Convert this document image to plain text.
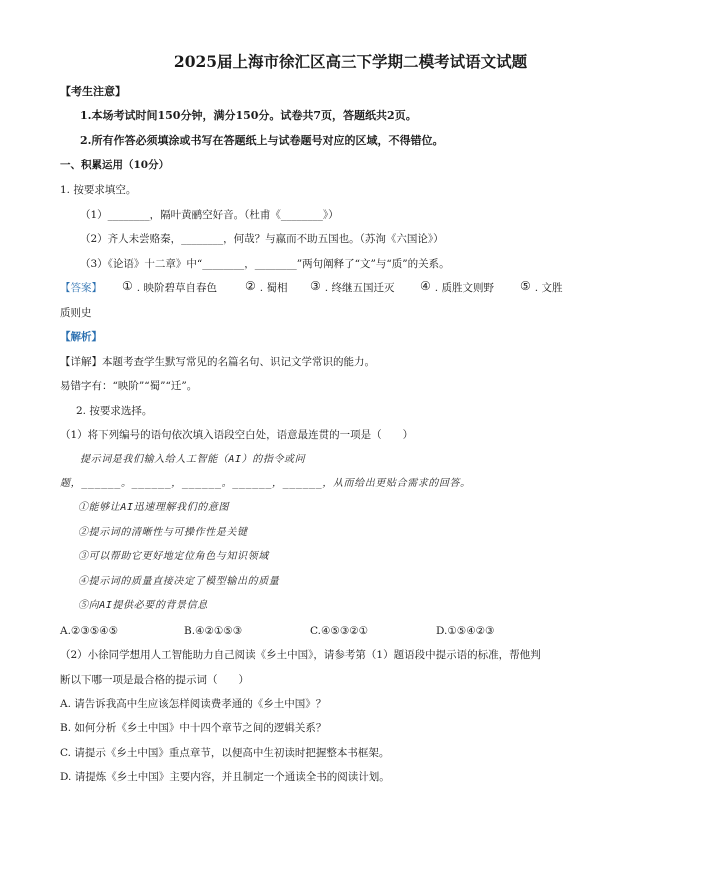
2025届上海市徐汇区高三下学期二模考试语文试题
【考生注意】
1.本场考试时间150分钟，满分150分。试卷共7页，答题纸共2页。
2.所有作答必须填涂或书写在答题纸上与试卷题号对应的区域，不得错位。
一、积累运用（10分）
1. 按要求填空。
（1）________，隔叶黄鹂空好音。（杜甫《________》）
（2）齐人未尝赂秦，________，何哉？与嬴而不助五国也。（苏洵《六国论》）
（3）《论语》十二章》中“________，________”两句阐释了“文”与“质”的关系。
【答案】 ① . 映阶碧草自春色 ② . 蜀相 ③ . 终继五国迁灭 ④ . 质胜文则野 ⑤ . 文胜
质则史
【解析】
【详解】本题考查学生默写常见的名篇名句、识记文学常识的能力。
易错字有：“映阶”“蜀”“迁”。
2. 按要求选择。
（1）将下列编号的语句依次填入语段空白处，语意最连贯的一项是（　　）
提示词是我们输入给人工智能（AI）的指令或问
题，______。______，______。______，______，从而给出更贴合需求的回答。
①能够让AI迅速理解我们的意图
②提示词的清晰性与可操作性是关键
③可以帮助它更好地定位角色与知识领域
④提示词的质量直接决定了模型输出的质量
⑤向AI提供必要的背景信息
A.②③⑤④⑤	B.④②①⑤③	C.④⑤③②①	D.①⑤④②③
（2）小徐同学想用人工智能助力自己阅读《乡土中国》，请参考第（1）题语段中提示语的标准，帮他判
断以下哪一项是最合格的提示词（　　）
A. 请告诉我高中生应该怎样阅读费孝通的《乡土中国》？
B. 如何分析《乡土中国》中十四个章节之间的逻辑关系？
C. 请提示《乡土中国》重点章节，以便高中生初读时把握整本书框架。
D. 请提炼《乡土中国》主要内容，并且制定一个通读全书的阅读计划。
